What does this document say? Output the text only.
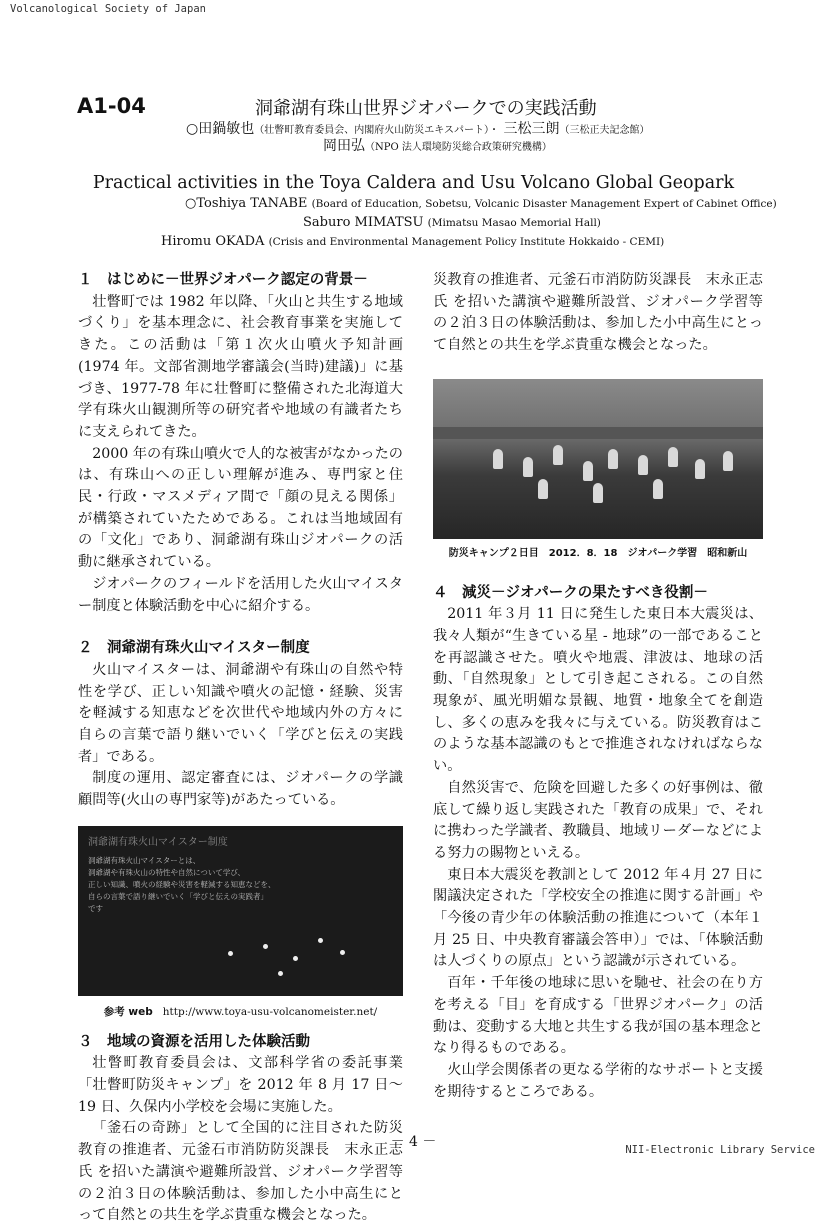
Volcanological Society of Japan
A1-04	洞爺湖有珠山世界ジオパークでの実践活動
○田鍋敏也（壮瞥町教育委員会、内閣府火山防災エキスパート）・ 三松三朗（三松正夫記念館）
岡田弘（NPO 法人環境防災総合政策研究機構）
Practical activities in the Toya Caldera and Usu Volcano Global Geopark
○Toshiya TANABE (Board of Education, Sobetsu, Volcanic Disaster Management Expert of Cabinet Office)
Saburo MIMATSU (Mimatsu Masao Memorial Hall)
Hiromu OKADA (Crisis and Environmental Management Policy Institute Hokkaido - CEMI)
１　はじめに－世界ジオパーク認定の背景－

壮瞥町では 1982 年以降、「火山と共生する地域づくり」を基本理念に、社会教育事業を実施してきた。この活動は「第１次火山噴火予知計画(1974 年。文部省測地学審議会(当時)建議)」に基づき、1977-78 年に壮瞥町に整備された北海道大学有珠火山観測所等の研究者や地域の有識者たちに支えられてきた。

2000 年の有珠山噴火で人的な被害がなかったのは、有珠山への正しい理解が進み、専門家と住民・行政・マスメディア間で「顔の見える関係」が構築されていたためである。これは当地域固有の「文化」であり、洞爺湖有珠山ジオパークの活動に継承されている。

ジオパークのフィールドを活用した火山マイスター制度と体験活動を中心に紹介する。

２　洞爺湖有珠火山マイスター制度

火山マイスターは、洞爺湖や有珠山の自然や特性を学び、正しい知識や噴火の記憶・経験、災害を軽減する知恵などを次世代や地域内外の方々に自らの言葉で語り継いでいく「学びと伝えの実践者」である。

制度の運用、認定審査には、ジオパークの学識顧問等(火山の専門家等)があたっている。

洞爺湖有珠火山マイスター制度
洞爺湖有珠火山マイスターとは、
洞爺湖や有珠火山の特性や自然について学び、
正しい知識、噴火の経験や災害を軽減する知恵などを、
自らの言葉で語り継いでいく「学びと伝えの実践者」
です
参考 web http://www.toya-usu-volcanomeister.net/
３　地域の資源を活用した体験活動

壮瞥町教育委員会は、文部科学省の委託事業「壮瞥町防災キャンプ」を 2012 年 8 月 17 日～19 日、久保内小学校を会場に実施した。

「釜石の奇跡」として全国的に注目された防災教育の推進者、元釜石市消防防災課長　末永正志氏 を招いた講演や避難所設営、ジオパーク学習等の２泊３日の体験活動は、参加した小中高生にとって自然との共生を学ぶ貴重な機会となった。

災教育の推進者、元釜石市消防防災課長　末永正志氏 を招いた講演や避難所設営、ジオパーク学習等の２泊３日の体験活動は、参加した小中高生にとって自然との共生を学ぶ貴重な機会となった。

防災キャンプ２日目　2012．8．18　ジオパーク学習　昭和新山
４　減災－ジオパークの果たすべき役割－

2011 年３月 11 日に発生した東日本大震災は、我々人類が“生きている星 - 地球”の一部であることを再認識させた。噴火や地震、津波は、地球の活動、「自然現象」として引き起こされる。この自然現象が、風光明媚な景観、地質・地象全てを創造し、多くの恵みを我々に与えている。防災教育はこのような基本認識のもとで推進されなければならない。

自然災害で、危険を回避した多くの好事例は、徹底して繰り返し実践された「教育の成果」で、それに携わった学識者、教職員、地域リーダーなどによる努力の賜物といえる。

東日本大震災を教訓として 2012 年４月 27 日に閣議決定された「学校安全の推進に関する計画」や「今後の青少年の体験活動の推進について（本年１月 25 日、中央教育審議会答申）」では、「体験活動は人づくりの原点」という認識が示されている。

百年・千年後の地球に思いを馳せ、社会の在り方を考える「目」を育成する「世界ジオパーク」の活動は、変動する大地と共生する我が国の基本理念となり得るものである。

火山学会関係者の更なる学術的なサポートと支援を期待するところである。

－ 4 －	NII-Electronic Library Service
